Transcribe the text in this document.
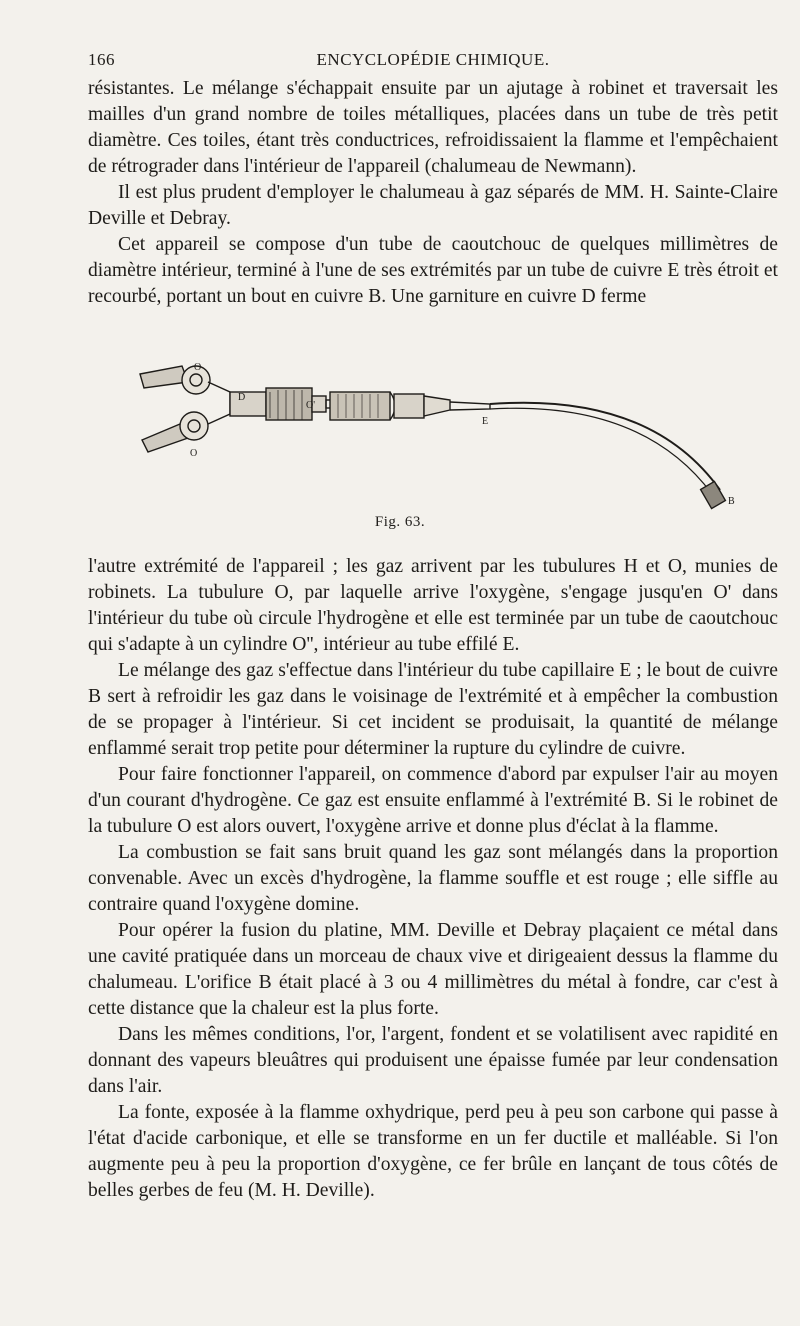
166	ENCYCLOPÉDIE CHIMIQUE.

résistantes. Le mélange s'échappait ensuite par un ajutage à robinet et traversait les mailles d'un grand nombre de toiles métalliques, placées dans un tube de très petit diamètre. Ces toiles, étant très conductrices, refroidissaient la flamme et l'empêchaient de rétrograder dans l'intérieur de l'appareil (chalumeau de Newmann).

Il est plus prudent d'employer le chalumeau à gaz séparés de MM. H. Sainte-Claire Deville et Debray.

Cet appareil se compose d'un tube de caoutchouc de quelques millimètres de diamètre intérieur, terminé à l'une de ses extrémités par un tube de cuivre E très étroit et recourbé, portant un bout en cuivre B. Une garniture en cuivre D ferme

O
O
D
O'
E
B
Fig. 63.

l'autre extrémité de l'appareil ; les gaz arrivent par les tubulures H et O, munies de robinets. La tubulure O, par laquelle arrive l'oxygène, s'engage jusqu'en O' dans l'intérieur du tube où circule l'hydrogène et elle est terminée par un tube de caoutchouc qui s'adapte à un cylindre O'', intérieur au tube effilé E.

Le mélange des gaz s'effectue dans l'intérieur du tube capillaire E ; le bout de cuivre B sert à refroidir les gaz dans le voisinage de l'extrémité et à empêcher la combustion de se propager à l'intérieur. Si cet incident se produisait, la quantité de mélange enflammé serait trop petite pour déterminer la rupture du cylindre de cuivre.

Pour faire fonctionner l'appareil, on commence d'abord par expulser l'air au moyen d'un courant d'hydrogène. Ce gaz est ensuite enflammé à l'extrémité B. Si le robinet de la tubulure O est alors ouvert, l'oxygène arrive et donne plus d'éclat à la flamme.

La combustion se fait sans bruit quand les gaz sont mélangés dans la proportion convenable. Avec un excès d'hydrogène, la flamme souffle et est rouge ; elle siffle au contraire quand l'oxygène domine.

Pour opérer la fusion du platine, MM. Deville et Debray plaçaient ce métal dans une cavité pratiquée dans un morceau de chaux vive et dirigeaient dessus la flamme du chalumeau. L'orifice B était placé à 3 ou 4 millimètres du métal à fondre, car c'est à cette distance que la chaleur est la plus forte.

Dans les mêmes conditions, l'or, l'argent, fondent et se volatilisent avec rapidité en donnant des vapeurs bleuâtres qui produisent une épaisse fumée par leur condensation dans l'air.

La fonte, exposée à la flamme oxhydrique, perd peu à peu son carbone qui passe à l'état d'acide carbonique, et elle se transforme en un fer ductile et malléable. Si l'on augmente peu à peu la proportion d'oxygène, ce fer brûle en lançant de tous côtés de belles gerbes de feu (M. H. Deville).
